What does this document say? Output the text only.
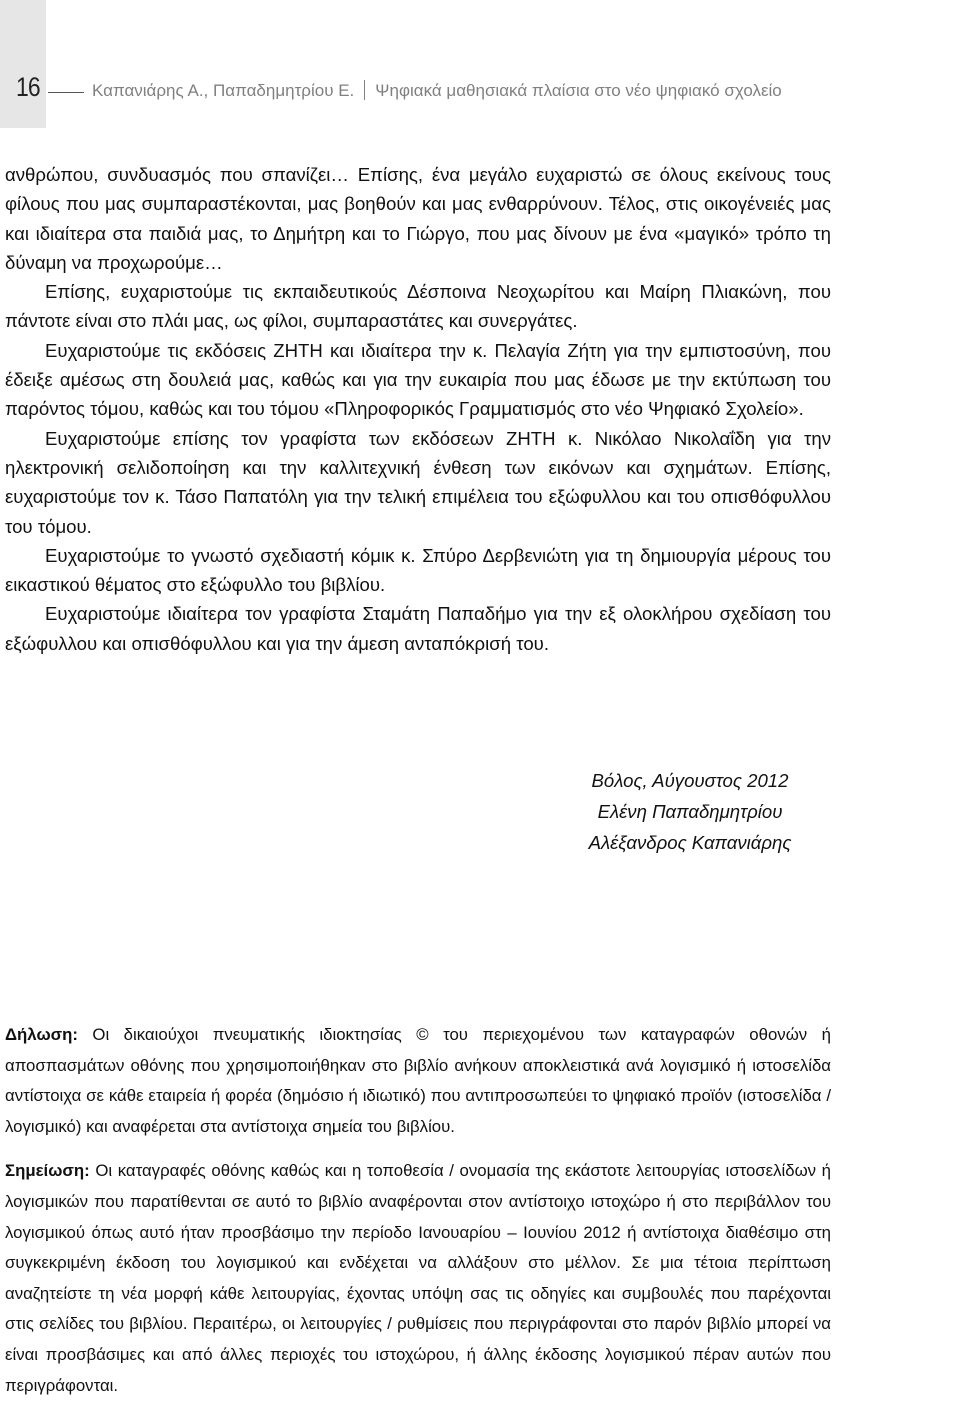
16	Καπανιάρης Α., Παπαδημητρίου Ε. Ψηφιακά μαθησιακά πλαίσια στο νέο ψηφιακό σχολείο

ανθρώπου, συνδυασμός που σπανίζει… Επίσης, ένα μεγάλο ευχαριστώ σε όλους εκείνους τους φίλους που μας συμπαραστέκονται, μας βοηθούν και μας ενθαρρύνουν. Τέλος, στις οικογένειές μας και ιδιαίτερα στα παιδιά μας, το Δημήτρη και το Γιώργο, που μας δίνουν με ένα «μαγικό» τρόπο τη δύναμη να προχωρούμε…

Επίσης, ευχαριστούμε τις εκπαιδευτικούς Δέσποινα Νεοχωρίτου και Μαίρη Πλιακώνη, που πάντοτε είναι στο πλάι μας, ως φίλοι, συμπαραστάτες και συνεργάτες.

Ευχαριστούμε τις εκδόσεις ΖΗΤΗ και ιδιαίτερα την κ. Πελαγία Ζήτη για την εμπιστοσύνη, που έδειξε αμέσως στη δουλειά μας, καθώς και για την ευκαιρία που μας έδωσε με την εκτύπωση του παρόντος τόμου, καθώς και του τόμου «Πληροφορικός Γραμματισμός στο νέο Ψηφιακό Σχολείο».

Ευχαριστούμε επίσης τον γραφίστα των εκδόσεων ΖΗΤΗ κ. Νικόλαο Νικολαΐδη για την ηλεκτρονική σελιδοποίηση και την καλλιτεχνική ένθεση των εικόνων και σχημάτων. Επίσης, ευχαριστούμε τον κ. Τάσο Παπατόλη για την τελική επιμέλεια του εξώφυλλου και του οπισθόφυλλου του τόμου.

Ευχαριστούμε το γνωστό σχεδιαστή κόμικ κ. Σπύρο Δερβενιώτη για τη δημιουργία μέρους του εικαστικού θέματος στο εξώφυλλο του βιβλίου.

Ευχαριστούμε ιδιαίτερα τον γραφίστα Σταμάτη Παπαδήμο για την εξ ολοκλήρου σχεδίαση του εξώφυλλου και οπισθόφυλλου και για την άμεση ανταπόκρισή του.

Βόλος, Αύγουστος 2012
Ελένη Παπαδημητρίου
Αλέξανδρος Καπανιάρης

Δήλωση: Οι δικαιούχοι πνευματικής ιδιοκτησίας © του περιεχομένου των καταγραφών οθονών ή αποσπασμάτων οθόνης που χρησιμοποιήθηκαν στο βιβλίο ανήκουν αποκλειστικά ανά λογισμικό ή ιστοσελίδα αντίστοιχα σε κάθε εταιρεία ή φορέα (δημόσιο ή ιδιωτικό) που αντιπροσωπεύει το ψηφιακό προϊόν (ιστοσελίδα / λογισμικό) και αναφέρεται στα αντίστοιχα σημεία του βιβλίου.

Σημείωση: Οι καταγραφές οθόνης καθώς και η τοποθεσία / ονομασία της εκάστοτε λειτουργίας ιστοσελίδων ή λογισμικών που παρατίθενται σε αυτό το βιβλίο αναφέρονται στον αντίστοιχο ιστοχώρο ή στο περιβάλλον του λογισμικού όπως αυτό ήταν προσβάσιμο την περίοδο Ιανουαρίου – Ιουνίου 2012 ή αντίστοιχα διαθέσιμο στη συγκεκριμένη έκδοση του λογισμικού και ενδέχεται να αλλάξουν στο μέλλον. Σε μια τέτοια περίπτωση αναζητείστε τη νέα μορφή κάθε λειτουργίας, έχοντας υπόψη σας τις οδηγίες και συμβουλές που παρέχονται στις σελίδες του βιβλίου. Περαιτέρω, οι λειτουργίες / ρυθμίσεις που περιγράφονται στο παρόν βιβλίο μπορεί να είναι προσβάσιμες και από άλλες περιοχές του ιστοχώρου, ή άλλης έκδοσης λογισμικού πέραν αυτών που περιγράφονται.
